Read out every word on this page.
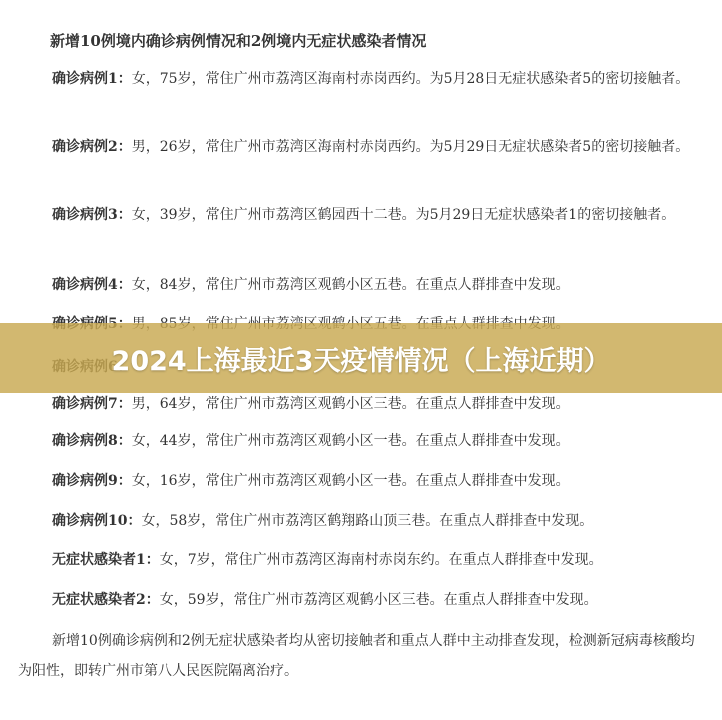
新增10例境内确诊病例情况和2例境内无症状感染者情况
确诊病例1：女，75岁，常住广州市荔湾区海南村赤岗西约。为5月28日无症状感染者5的密切接触者。
确诊病例2：男，26岁，常住广州市荔湾区海南村赤岗西约。为5月29日无症状感染者5的密切接触者。
确诊病例3：女，39岁，常住广州市荔湾区鹤园西十二巷。为5月29日无症状感染者1的密切接触者。
确诊病例4：女，84岁，常住广州市荔湾区观鹤小区五巷。在重点人群排查中发现。
确诊病例7：男，64岁，常住广州市荔湾区观鹤小区三巷。在重点人群排查中发现。
确诊病例8：女，44岁，常住广州市荔湾区观鹤小区一巷。在重点人群排查中发现。
确诊病例9：女，16岁，常住广州市荔湾区观鹤小区一巷。在重点人群排查中发现。
确诊病例10：女，58岁，常住广州市荔湾区鹤翔路山顶三巷。在重点人群排查中发现。
无症状感染者1：女，7岁，常住广州市荔湾区海南村赤岗东约。在重点人群排查中发现。
无症状感染者2：女，59岁，常住广州市荔湾区观鹤小区三巷。在重点人群排查中发现。
新增10例确诊病例和2例无症状感染者均从密切接触者和重点人群中主动排查发现，检测新冠病毒核酸均为阳性，即转广州市第八人民医院隔离治疗。
2024上海最近3天疫情情况（上海近期）
